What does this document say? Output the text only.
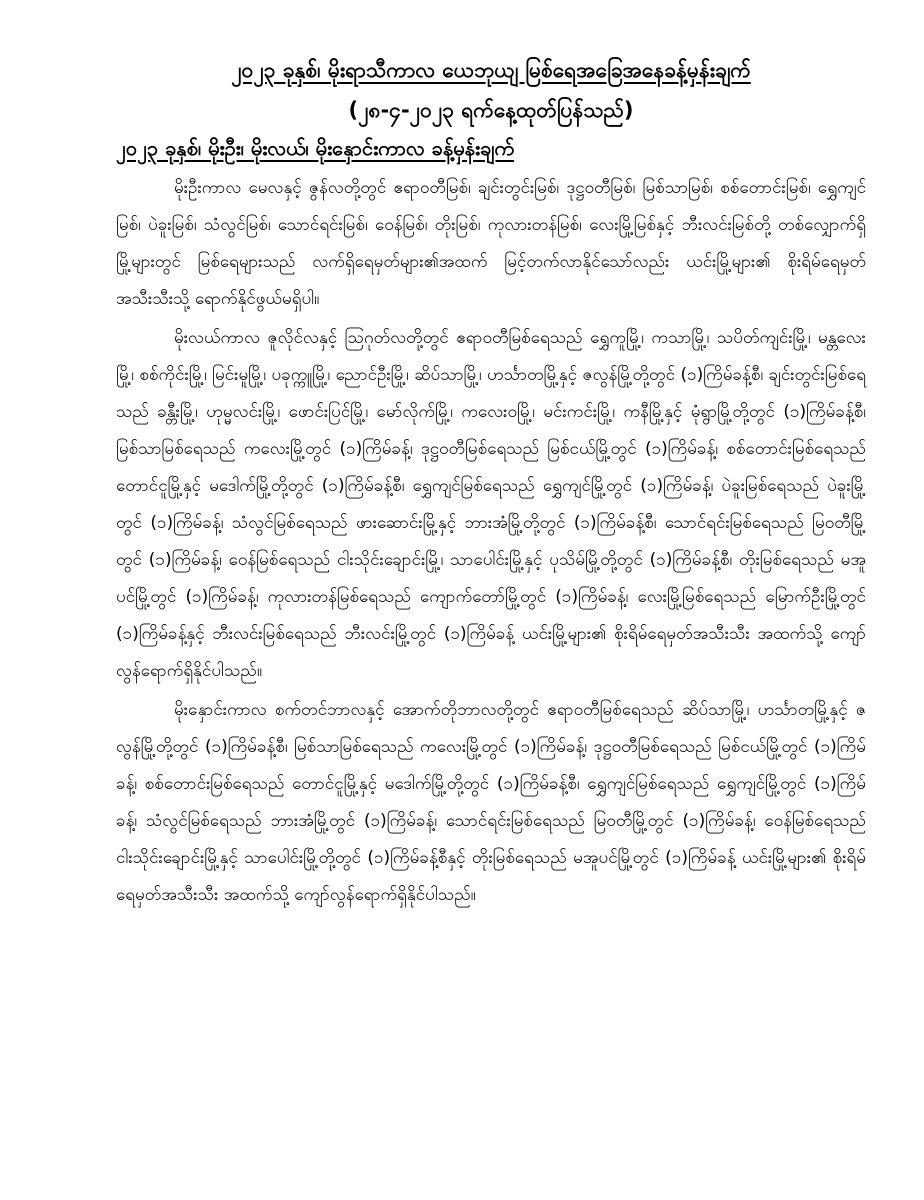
၂၀၂၃ ခုနှစ်၊ မိုးရာသီကာလ ယေဘုယျ မြစ်ရေအခြေအနေခန့်မှန်းချက်
(၂၈-၄-၂၀၂၃ ရက်နေ့ထုတ်ပြန်သည်)
၂၀၂၃ ခုနှစ်၊ မိုးဦး၊ မိုးလယ်၊ မိုးနှောင်းကာလ ခန့်မှန်းချက်

မိုးဦးကာလ မေလနှင့် ဇွန်လတို့တွင် ဧရာဝတီမြစ်၊ ချင်းတွင်းမြစ်၊ ဒုဋ္ဌဝတီမြစ်၊ မြစ်သာမြစ်၊ စစ်တောင်းမြစ်၊ ရွှေကျင်မြစ်၊ ပဲခူးမြစ်၊ သံလွင်မြစ်၊ သောင်ရင်းမြစ်၊ ဝေန်မြစ်၊ တိုးမြစ်၊ ကုလားတန်မြစ်၊ လေးမြို့မြစ်နှင့် ဘီးလင်းမြစ်တို့ တစ်လျှောက်ရှိ မြို့များတွင် မြစ်ရေများသည် လက်ရှိရေမှတ်များ၏အထက် မြင့်တက်လာနိုင်သော်လည်း ယင်းမြို့များ၏ စိုးရိမ်ရေမှတ် အသီးသီးသို့ ရောက်နိုင်ဖွယ်မရှိပါ။

မိုးလယ်ကာလ ဇူလိုင်လနှင့် ဩဂုတ်လတို့တွင် ဧရာဝတီမြစ်ရေသည် ရွှေကူမြို့၊ ကသာမြို့၊ သပိတ်ကျင်းမြို့၊ မန္တလေးမြို့၊ စစ်ကိုင်းမြို့၊ မြင်းမူမြို့၊ ပခုက္ကူမြို့၊ ညောင်ဦးမြို့၊ ဆိပ်သာမြို့၊ ဟင်္သာတမြို့နှင့် ဇလွန်မြို့တို့တွင် (၁)ကြိမ်ခန့်စီ၊ ချင်းတွင်းမြစ်ရေသည် ခန္တီးမြို့၊ ဟုမ္မလင်းမြို့၊ ဖောင်းပြင်မြို့၊ မော်လိုက်မြို့၊ ကလေးဝမြို့၊ မင်းကင်းမြို့၊ ကနီမြို့နှင့် မုံရွာမြို့တို့တွင် (၁)ကြိမ်ခန့်စီ၊ မြစ်သာမြစ်ရေသည် ကလေးမြို့တွင် (၁)ကြိမ်ခန့်၊ ဒုဋ္ဌဝတီမြစ်ရေသည် မြစ်ငယ်မြို့တွင် (၁)ကြိမ်ခန့်၊ စစ်တောင်းမြစ်ရေသည် တောင်ငူမြို့နှင့် မဒေါက်မြို့တို့တွင် (၁)ကြိမ်ခန့်စီ၊ ရွှေကျင်မြစ်ရေသည် ရွှေကျင်မြို့တွင် (၁)ကြိမ်ခန့်၊ ပဲခူးမြစ်ရေသည် ပဲခူးမြို့တွင် (၁)ကြိမ်ခန့်၊ သံလွင်မြစ်ရေသည် ဖားဆောင်းမြို့နှင့် ဘားအံမြို့တို့တွင် (၁)ကြိမ်ခန့်စီ၊ သောင်ရင်းမြစ်ရေသည် မြဝတီမြို့တွင် (၁)ကြိမ်ခန့်၊ ဝေန်မြစ်ရေသည် ငါးသိုင်းချောင်းမြို့၊ သာပေါင်းမြို့နှင့် ပုသိမ်မြို့တို့တွင် (၁)ကြိမ်ခန့်စီ၊ တိုးမြစ်ရေသည် မအူပင်မြို့တွင် (၁)ကြိမ်ခန့်၊ ကုလားတန်မြစ်ရေသည် ကျောက်တော်မြို့တွင် (၁)ကြိမ်ခန့်၊ လေးမြို့မြစ်ရေသည် မြောက်ဦးမြို့တွင် (၁)ကြိမ်ခန့်နှင့် ဘီးလင်းမြစ်ရေသည် ဘီးလင်းမြို့တွင် (၁)ကြိမ်ခန့် ယင်းမြို့များ၏ စိုးရိမ်ရေမှတ်အသီးသီး အထက်သို့ ကျော်လွန်ရောက်ရှိနိုင်ပါသည်။

မိုးနှောင်းကာလ စက်တင်ဘာလနှင့် အောက်တိုဘာလတို့တွင် ဧရာဝတီမြစ်ရေသည် ဆိပ်သာမြို့၊ ဟင်္သာတမြို့နှင့် ဇလွန်မြို့တို့တွင် (၁)ကြိမ်ခန့်စီ၊ မြစ်သာမြစ်ရေသည် ကလေးမြို့တွင် (၁)ကြိမ်ခန့်၊ ဒုဋ္ဌဝတီမြစ်ရေသည် မြစ်ငယ်မြို့တွင် (၁)ကြိမ်ခန့်၊ စစ်တောင်းမြစ်ရေသည် တောင်ငူမြို့နှင့် မဒေါက်မြို့တို့တွင် (၁)ကြိမ်ခန့်စီ၊ ရွှေကျင်မြစ်ရေသည် ရွှေကျင်မြို့တွင် (၁)ကြိမ်ခန့်၊ သံလွင်မြစ်ရေသည် ဘားအံမြို့တွင် (၁)ကြိမ်ခန့်၊ သောင်ရင်းမြစ်ရေသည် မြဝတီမြို့တွင် (၁)ကြိမ်ခန့်၊ ဝေန်မြစ်ရေသည် ငါးသိုင်းချောင်းမြို့နှင့် သာပေါင်းမြို့တို့တွင် (၁)ကြိမ်ခန့်စီနှင့် တိုးမြစ်ရေသည် မအူပင်မြို့တွင် (၁)ကြိမ်ခန့် ယင်းမြို့များ၏ စိုးရိမ်ရေမှတ်အသီးသီး အထက်သို့ ကျော်လွန်ရောက်ရှိနိုင်ပါသည်။
